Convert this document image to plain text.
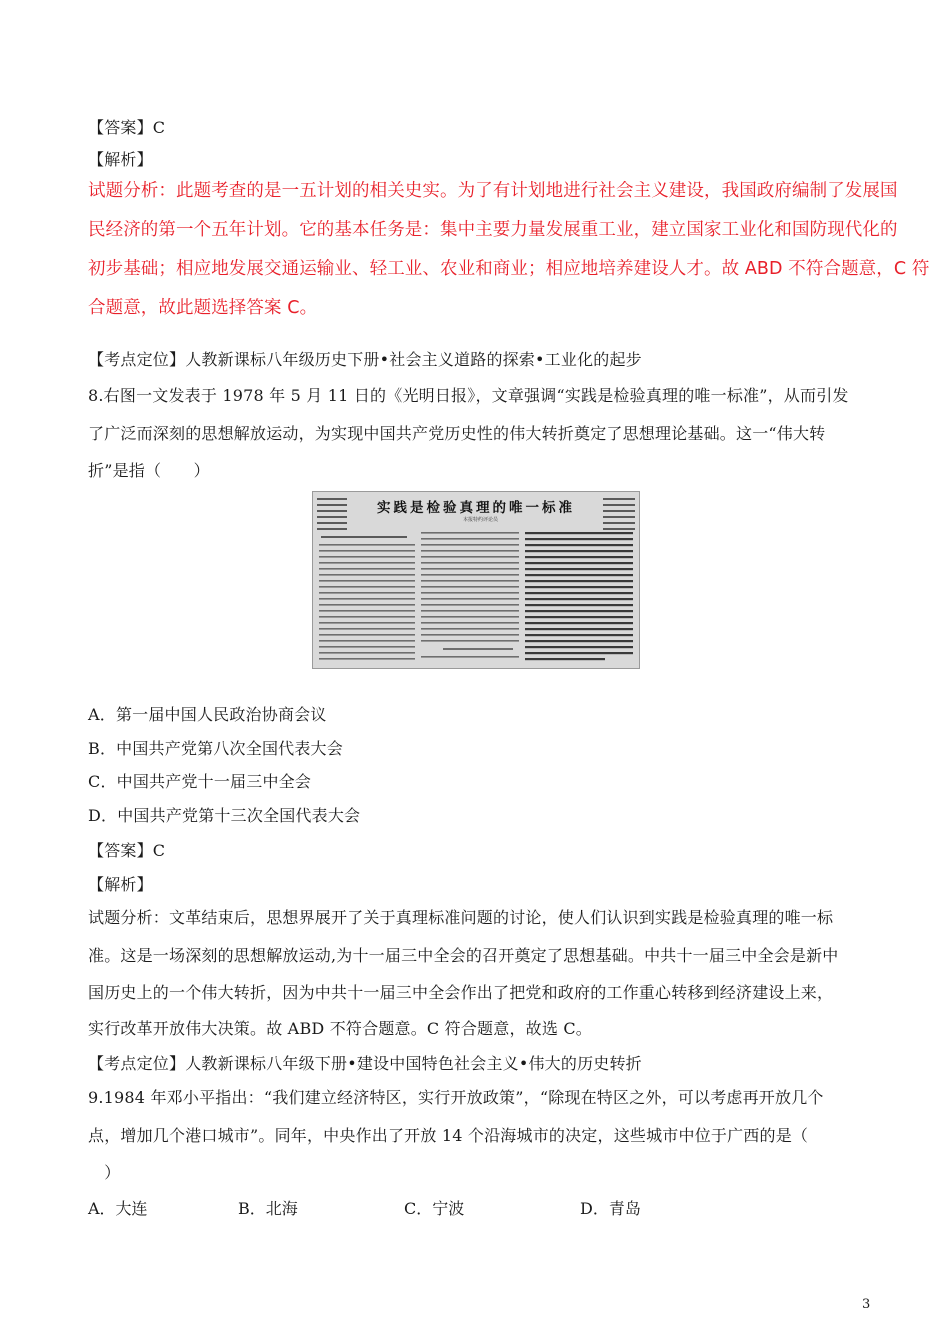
【答案】C
【解析】
试题分析：此题考查的是一五计划的相关史实。为了有计划地进行社会主义建设，我国政府编制了发展国
民经济的第一个五年计划。它的基本任务是：集中主要力量发展重工业，建立国家工业化和国防现代化的
初步基础；相应地发展交通运输业、轻工业、农业和商业；相应地培养建设人才。故 ABD 不符合题意，C 符
合题意，故此题选择答案 C。
【考点定位】人教新课标八年级历史下册•社会主义道路的探索•工业化的起步
8.右图一文发表于 1978 年 5 月 11 日的《光明日报》，文章强调“实践是检验真理的唯一标准”，从而引发
了广泛而深刻的思想解放运动，为实现中国共产党历史性的伟大转折奠定了思想理论基础。这一“伟大转
折”是指（　　）
实践是检验真理的唯一标准
本报特约评论员
A．第一届中国人民政治协商会议
B．中国共产党第八次全国代表大会
C．中国共产党十一届三中全会
D．中国共产党第十三次全国代表大会
【答案】C
【解析】
试题分析：文革结束后，思想界展开了关于真理标准问题的讨论，使人们认识到实践是检验真理的唯一标
准。这是一场深刻的思想解放运动,为十一届三中全会的召开奠定了思想基础。中共十一届三中全会是新中
国历史上的一个伟大转折，因为中共十一届三中全会作出了把党和政府的工作重心转移到经济建设上来，
实行改革开放伟大决策。故 ABD 不符合题意。C 符合题意，故选 C。
【考点定位】人教新课标八年级下册•建设中国特色社会主义•伟大的历史转折
9.1984 年邓小平指出：“我们建立经济特区，实行开放政策”，“除现在特区之外，可以考虑再开放几个
点，增加几个港口城市”。同年，中央作出了开放 14 个沿海城市的决定，这些城市中位于广西的是（
　）
A．大连	B．北海	C．宁波	D．青岛
3
